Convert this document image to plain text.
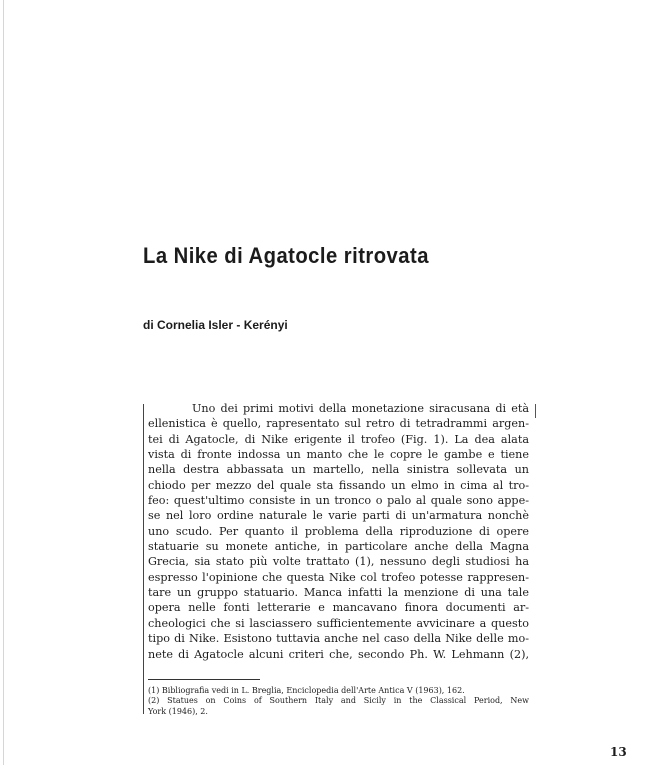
La Nike di Agatocle ritrovata
di Cornelia Isler - Kerényi
Uno dei primi motivi della monetazione siracusana di età
ellenistica è quello, rapresentato sul retro di tetradrammi argen-
tei di Agatocle, di Nike erigente il trofeo (Fig. 1). La dea alata
vista di fronte indossa un manto che le copre le gambe e tiene
nella destra abbassata un martello, nella sinistra sollevata un
chiodo per mezzo del quale sta fissando un elmo in cima al tro-
feo: quest'ultimo consiste in un tronco o palo al quale sono appe-
se nel loro ordine naturale le varie parti di un'armatura nonchè
uno scudo. Per quanto il problema della riproduzione di opere
statuarie su monete antiche, in particolare anche della Magna
Grecia, sia stato più volte trattato (1), nessuno degli studiosi ha
espresso l'opinione che questa Nike col trofeo potesse rappresen-
tare un gruppo statuario. Manca infatti la menzione di una tale
opera nelle fonti letterarie e mancavano finora documenti ar-
cheologici che si lasciassero sufficientemente avvicinare a questo
tipo di Nike. Esistono tuttavia anche nel caso della Nike delle mo-
nete di Agatocle alcuni criteri che, secondo Ph. W. Lehmann (2),
(1) Bibliografia vedi in L. Breglia, Enciclopedia dell'Arte Antica V (1963), 162.
(2) Statues on Coins of Southern Italy and Sicily in the Classical Period, New
York (1946), 2.
13
